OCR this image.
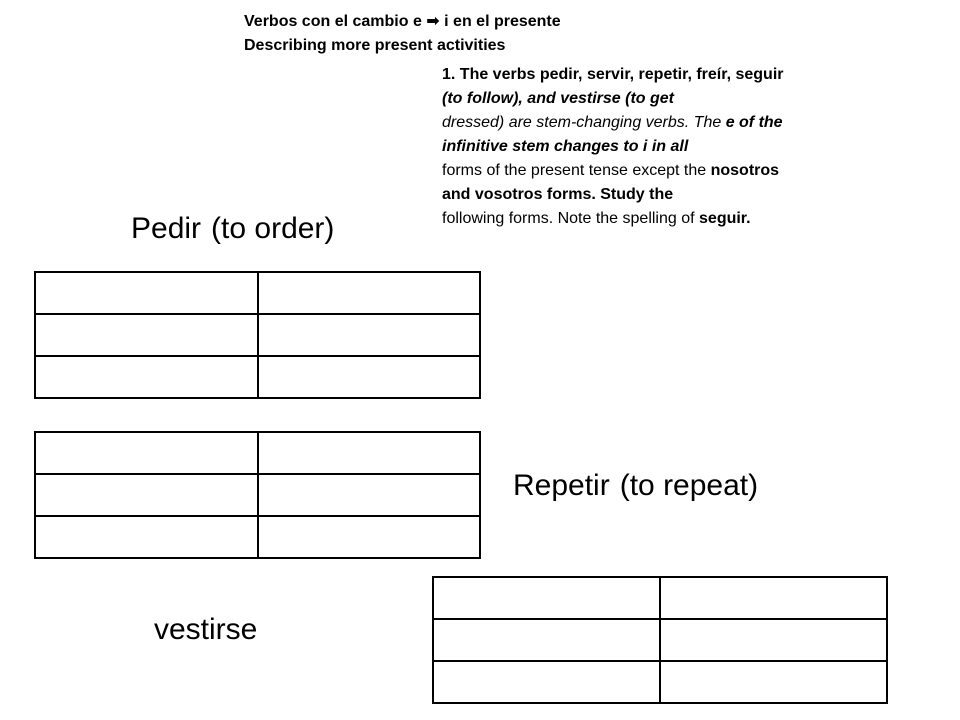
Verbos con el cambio e ➡ i en el presente
Describing more present activities
1. The verbs pedir, servir, repetir, freír, seguir
(to follow), and vestirse (to get
dressed) are stem-changing verbs. The e of the
infinitive stem changes to i in all
forms of the present tense except the nosotros
and vosotros forms. Study the
following forms. Note the spelling of seguir.
Pedir (to order)

Repetir (to repeat)
vestirse
